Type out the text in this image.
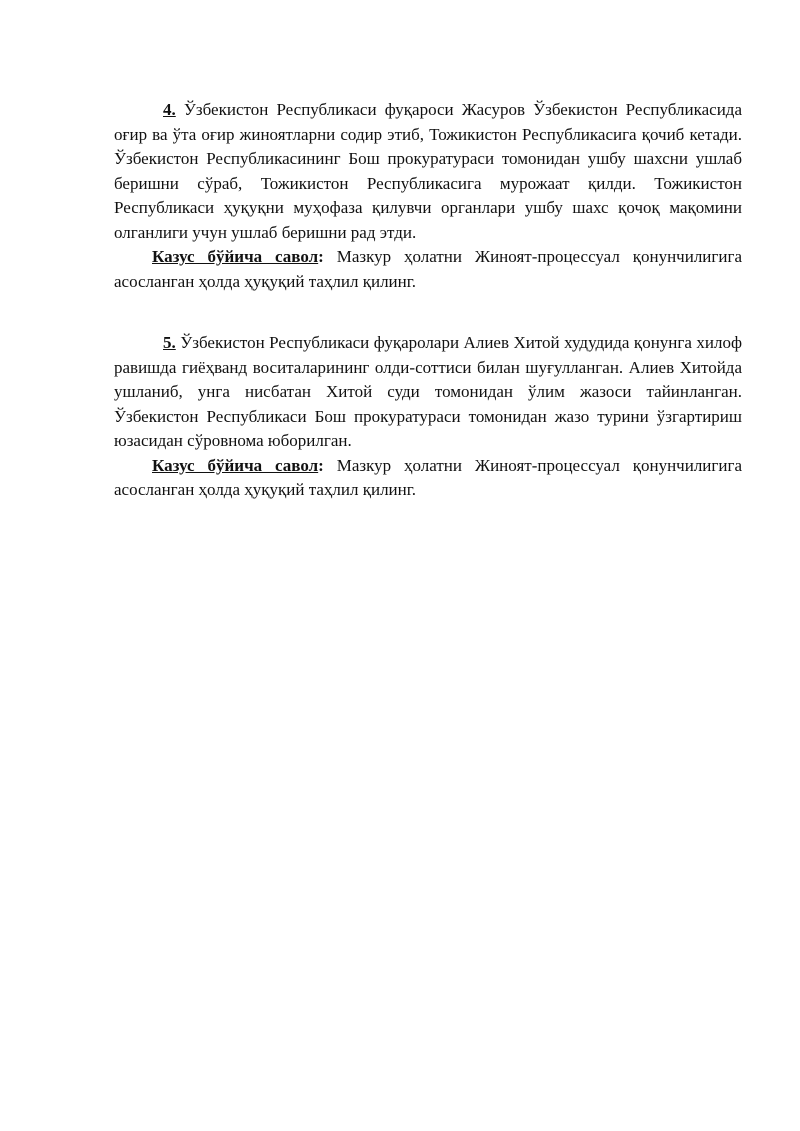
4. Ўзбекистон Республикаси фуқароси Жасуров Ўзбекистон Республикасида оғир ва ўта оғир жиноятларни содир этиб, Тожикистон Республикасига қочиб кетади. Ўзбекистон Республикасининг Бош прокуратураси томонидан ушбу шахсни ушлаб беришни сўраб, Тожикистон Республикасига мурожаат қилди. Тожикистон Республикаси ҳуқуқни муҳофаза қилувчи органлари ушбу шахс қочоқ мақомини олганлиги учун ушлаб беришни рад этди.

Казус бўйича савол: Мазкур ҳолатни Жиноят-процессуал қонунчилигига асосланган ҳолда ҳуқуқий таҳлил қилинг.

5. Ўзбекистон Республикаси фуқаролари Алиев Хитой худудида қонунга хилоф равишда гиёҳванд воситаларининг олди-соттиси билан шуғулланган. Алиев Хитойда ушланиб, унга нисбатан Хитой суди томонидан ўлим жазоси тайинланган. Ўзбекистон Республикаси Бош прокуратураси томонидан жазо турини ўзгартириш юзасидан сўровнома юборилган.

Казус бўйича савол: Мазкур ҳолатни Жиноят-процессуал қонунчилигига асосланган ҳолда ҳуқуқий таҳлил қилинг.
